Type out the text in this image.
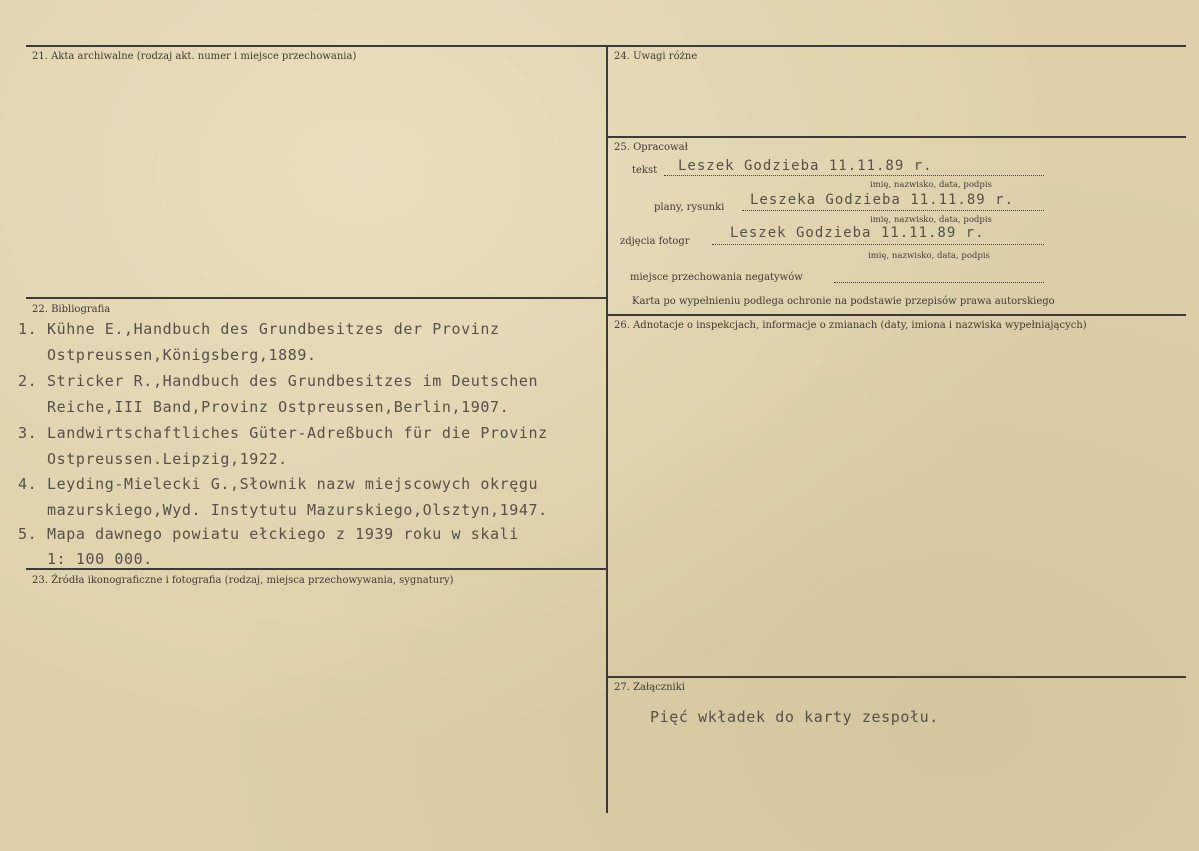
21. Akta archiwalne (rodzaj akt. numer i miejsce przechowania)	24. Uwagi różne
25. Opracował
tekst Leszek Godzieba 11.11.89 r.
imię, nazwisko, data, podpis
plany, rysunki Leszeka Godzieba 11.11.89 r.
imię, nazwisko, data, podpis
zdjęcia fotogr
Leszek Godzieba 11.11.89 r.
imię, nazwisko, data, podpis
miejsce przechowania negatywów
Karta po wypełnieniu podlega ochronie na podstawie przepisów prawa autorskiego
22. Bibliografia
1. Kühne E.,Handbuch des Grundbesitzes der Provinz
Ostpreussen,Königsberg,1889.
2. Stricker R.,Handbuch des Grundbesitzes im Deutschen
Reiche,III Band,Provinz Ostpreussen,Berlin,1907.
3. Landwirtschaftliches Güter-Adreßbuch für die Provinz
Ostpreussen.Leipzig,1922.
4. Leyding-Mielecki G.,Słownik nazw miejscowych okręgu
mazurskiego,Wyd. Instytutu Mazurskiego,Olsztyn,1947.
5. Mapa dawnego powiatu ełckiego z 1939 roku w skali
1: 100 000.
23. Źródła ikonograficzne i fotografia (rodzaj, miejsca przechowywania, sygnatury)
26. Adnotacje o inspekcjach, informacje o zmianach (daty, imiona i nazwiska wypełniających)
27. Załączniki
Pięć wkładek do karty zespołu.
